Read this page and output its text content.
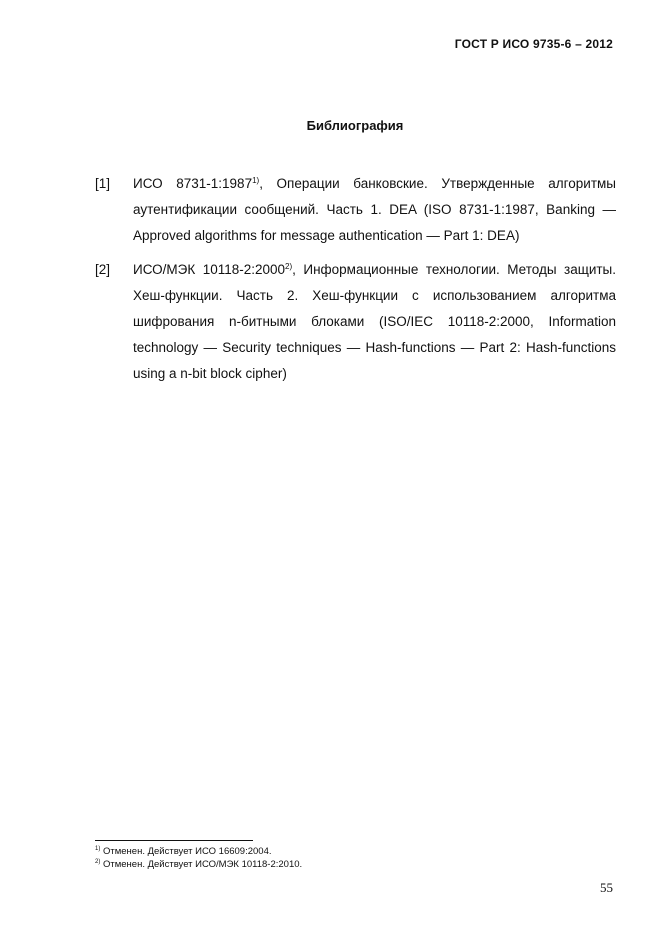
ГОСТ Р ИСО 9735-6 – 2012
Библиография
[1] ИСО 8731-1:1987$^{1)}$, Операции банковские. Утвержденные алгоритмы аутентификации сообщений. Часть 1. DEA (ISO 8731-1:1987, Banking — Approved algorithms for message authentication — Part 1: DEA)
[2] ИСО/МЭК 10118-2:2000$^{2)}$, Информационные технологии. Методы защиты. Хеш-функции. Часть 2. Хеш-функции с использованием алгоритма шифрования n-битными блоками (ISO/IEC 10118-2:2000, Information technology — Security techniques — Hash-functions — Part 2: Hash-functions using a n-bit block cipher)
$^{1)}$ Отменен. Действует ИСО 16609:2004.
$^{2)}$ Отменен. Действует ИСО/МЭК 10118-2:2010.
55
